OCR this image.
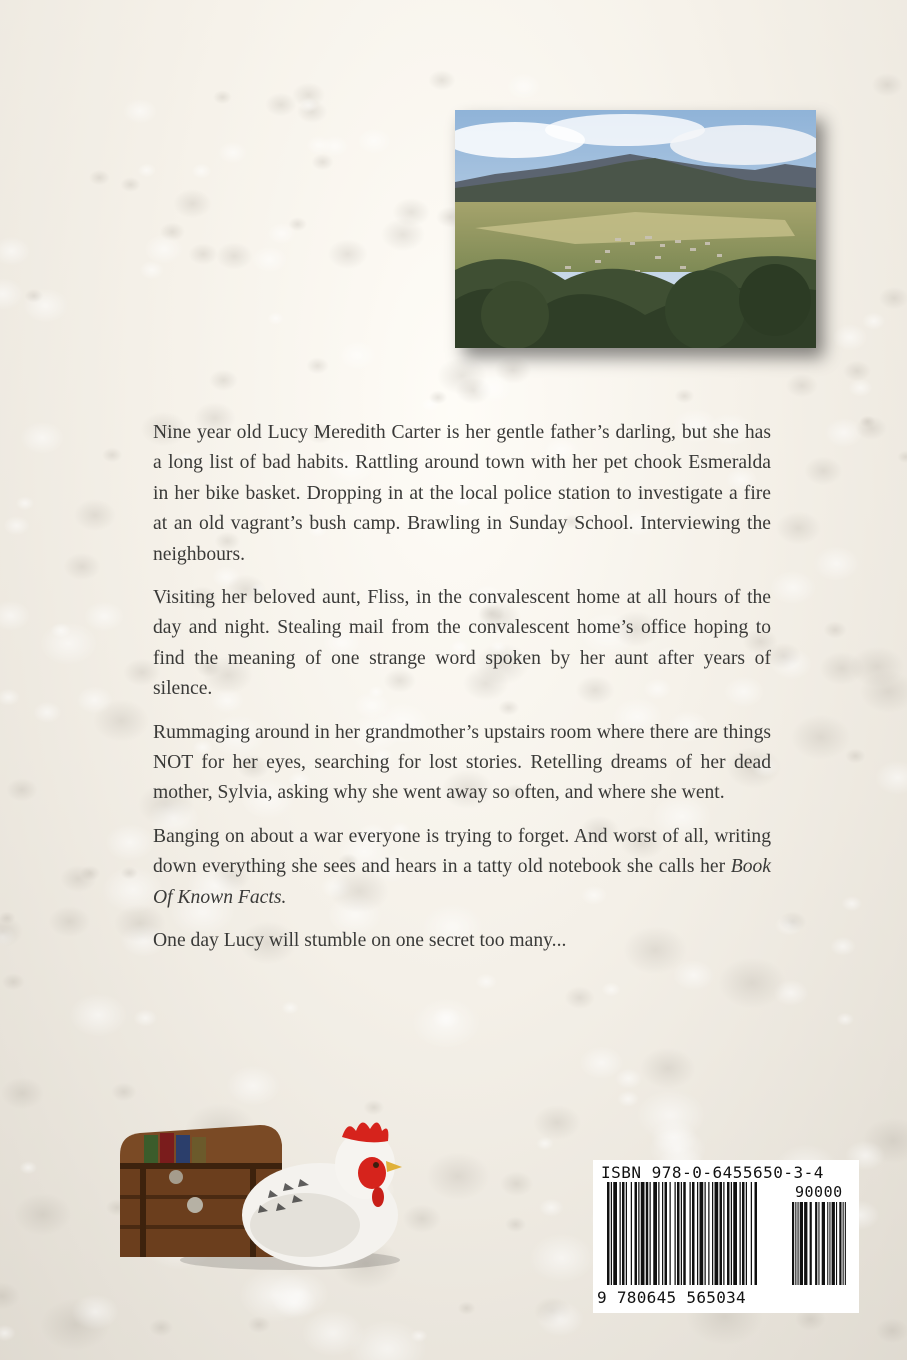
Nine year old Lucy Meredith Carter is her gentle father’s darling, but she has a long list of bad habits. Rattling around town with her pet chook Esmeralda in her bike basket. Dropping in at the local police station to investigate a fire at an old vagrant’s bush camp. Brawling in Sunday School. Interviewing the neighbours.

Visiting her beloved aunt, Fliss, in the convalescent home at all hours of the day and night. Stealing mail from the convalescent home’s office hoping to find the meaning of one strange word spoken by her aunt after years of silence.

Rummaging around in her grandmother’s upstairs room where there are things NOT for her eyes, searching for lost stories. Retelling dreams of her dead mother, Sylvia, asking why she went away so often, and where she went.

Banging on about a war everyone is trying to forget. And worst of all, writing down everything she sees and hears in a tatty old notebook she calls her Book Of Known Facts.

One day Lucy will stumble on one secret too many...

ISBN 978-0-6455650-3-4
90000
9 780645 565034
